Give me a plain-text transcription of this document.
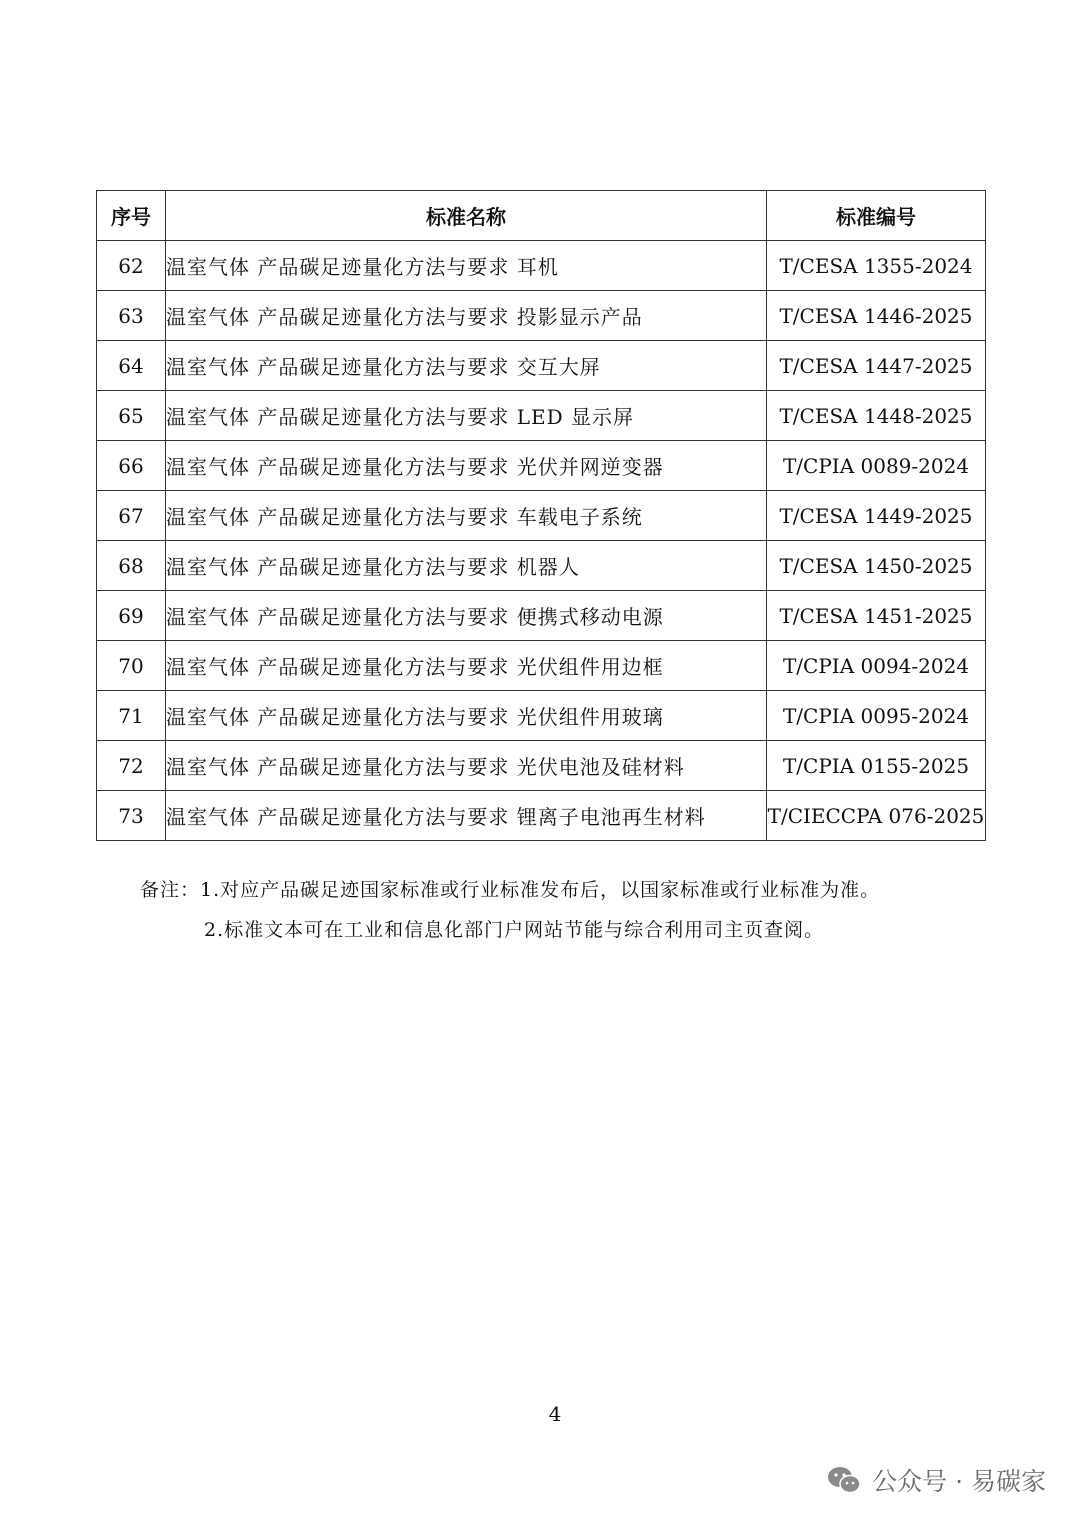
序号	标准名称	标准编号
62	温室气体 产品碳足迹量化方法与要求 耳机	T/CESA 1355-2024
63	温室气体 产品碳足迹量化方法与要求 投影显示产品	T/CESA 1446-2025
64	温室气体 产品碳足迹量化方法与要求 交互大屏	T/CESA 1447-2025
65	温室气体 产品碳足迹量化方法与要求 LED 显示屏	T/CESA 1448-2025
66	温室气体 产品碳足迹量化方法与要求 光伏并网逆变器	T/CPIA 0089-2024
67	温室气体 产品碳足迹量化方法与要求 车载电子系统	T/CESA 1449-2025
68	温室气体 产品碳足迹量化方法与要求 机器人	T/CESA 1450-2025
69	温室气体 产品碳足迹量化方法与要求 便携式移动电源	T/CESA 1451-2025
70	温室气体 产品碳足迹量化方法与要求 光伏组件用边框	T/CPIA 0094-2024
71	温室气体 产品碳足迹量化方法与要求 光伏组件用玻璃	T/CPIA 0095-2024
72	温室气体 产品碳足迹量化方法与要求 光伏电池及硅材料	T/CPIA 0155-2025
73	温室气体 产品碳足迹量化方法与要求 锂离子电池再生材料	T/CIECCPA 076-2025
备注：1.对应产品碳足迹国家标准或行业标准发布后，以国家标准或行业标准为准。
2.标准文本可在工业和信息化部门户网站节能与综合利用司主页查阅。
4
公众号 · 易碳家
